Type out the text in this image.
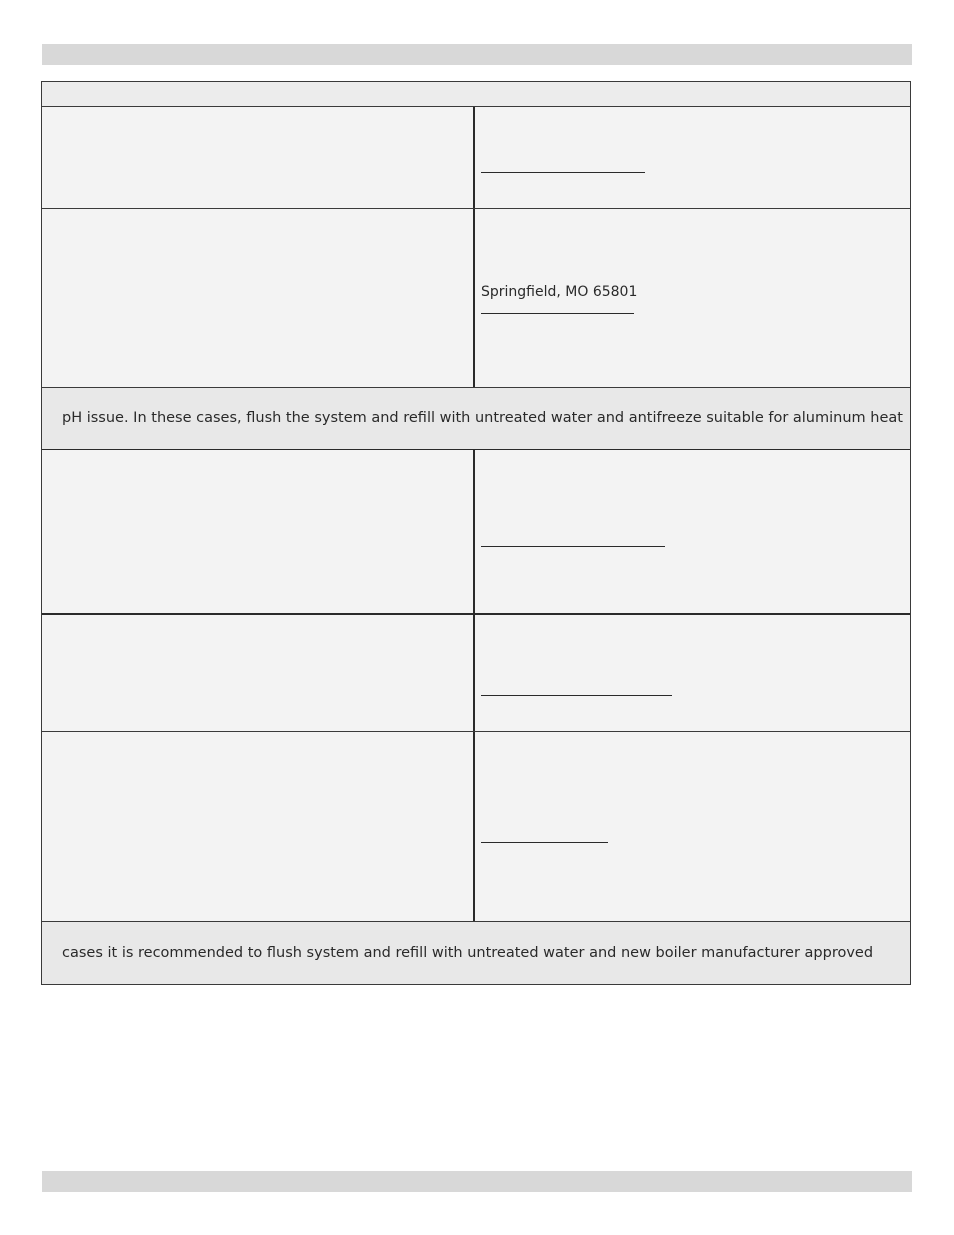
Springfield, MO 65801
pH issue. In these cases, flush the system and refill with untreated water and antifreeze suitable for aluminum heat
cases it is recommended to flush system and refill with untreated water and new boiler manufacturer approved
